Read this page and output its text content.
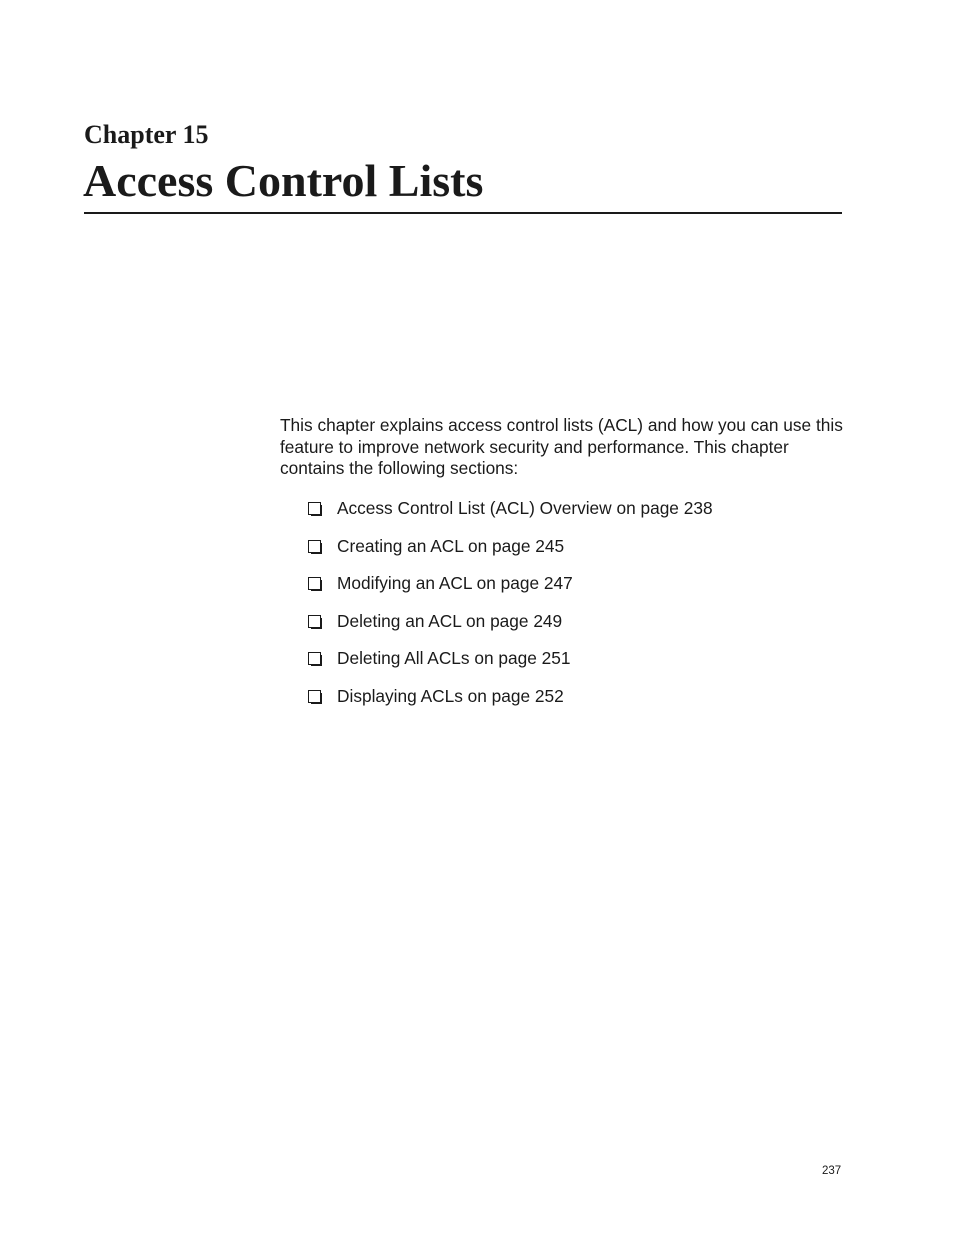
Chapter 15
Access Control Lists

This chapter explains access control lists (ACL) and how you can use this feature to improve network security and performance. This chapter contains the following sections:

Access Control List (ACL) Overview on page 238
Creating an ACL on page 245
Modifying an ACL on page 247
Deleting an ACL on page 249
Deleting All ACLs on page 251
Displaying ACLs on page 252

237
